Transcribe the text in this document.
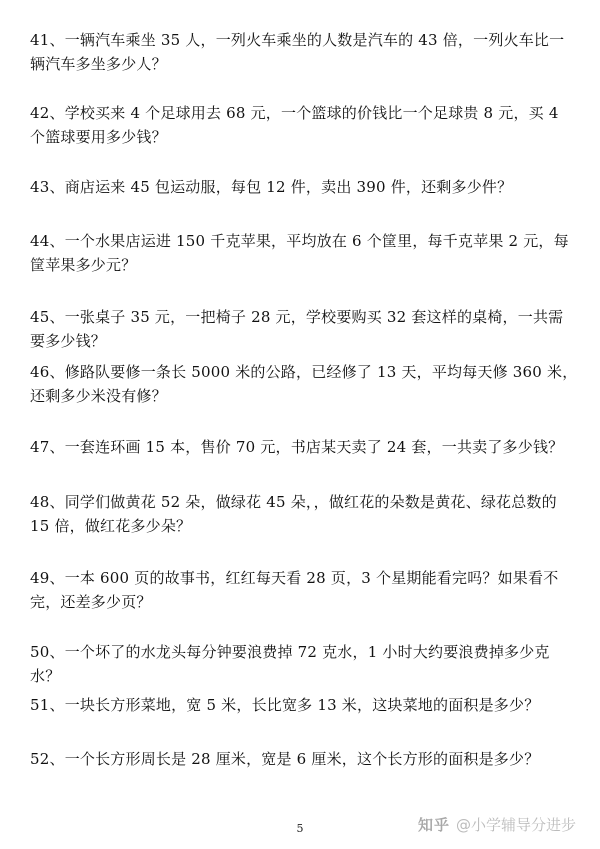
41、一辆汽车乘坐 35 人，一列火车乘坐的人数是汽车的 43 倍，一列火车比一辆汽车多坐多少人？
42、学校买来 4 个足球用去 68 元，一个篮球的价钱比一个足球贵 8 元，买 4 个篮球要用多少钱？
43、商店运来 45 包运动服，每包 12 件，卖出 390 件，还剩多少件？
44、一个水果店运进 150 千克苹果，平均放在 6 个筐里，每千克苹果 2 元，每筐苹果多少元？
45、一张桌子 35 元，一把椅子 28 元，学校要购买 32 套这样的桌椅，一共需要多少钱？
46、修路队要修一条长 5000 米的公路，已经修了 13 天，平均每天修 360 米，还剩多少米没有修？
47、一套连环画 15 本，售价 70 元，书店某天卖了 24 套，一共卖了多少钱？
48、同学们做黄花 52 朵，做绿花 45 朵，，做红花的朵数是黄花、绿花总数的 15 倍，做红花多少朵？
49、一本 600 页的故事书，红红每天看 28 页，3 个星期能看完吗？如果看不完，还差多少页？
50、一个坏了的水龙头每分钟要浪费掉 72 克水，1 小时大约要浪费掉多少克水？
51、一块长方形菜地，宽 5 米，长比宽多 13 米，这块菜地的面积是多少？
52、一个长方形周长是 28 厘米，宽是 6 厘米，这个长方形的面积是多少？
5	知乎 @小学辅导分进步
